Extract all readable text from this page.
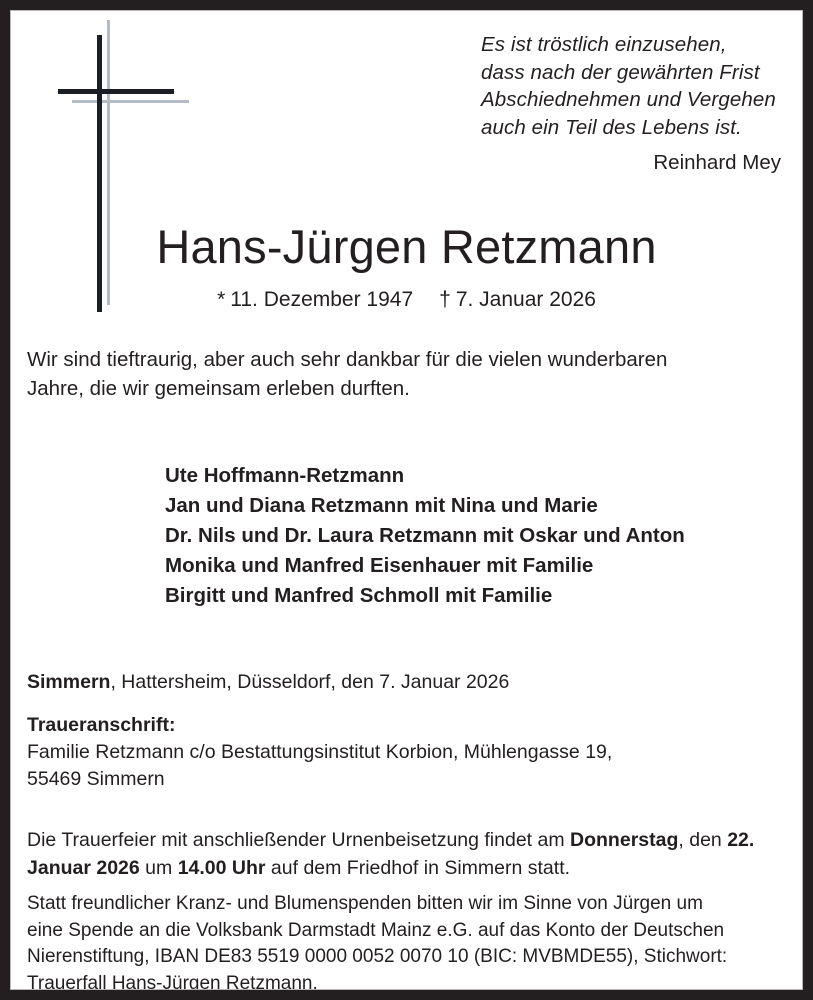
Es ist tröstlich einzusehen,
dass nach der gewährten Frist
Abschiednehmen und Vergehen
auch ein Teil des Lebens ist.
Reinhard Mey
Hans-Jürgen Retzmann
* 11. Dezember 1947 † 7. Januar 2026
Wir sind tieftraurig, aber auch sehr dankbar für die vielen wunderbaren
Jahre, die wir gemeinsam erleben durften.
Ute Hoffmann-Retzmann
Jan und Diana Retzmann mit Nina und Marie
Dr. Nils und Dr. Laura Retzmann mit Oskar und Anton
Monika und Manfred Eisenhauer mit Familie
Birgitt und Manfred Schmoll mit Familie
Simmern, Hattersheim, Düsseldorf, den 7. Januar 2026
Traueranschrift:
Familie Retzmann c/o Bestattungsinstitut Korbion, Mühlengasse 19,
55469 Simmern
Die Trauerfeier mit anschließender Urnenbeisetzung findet am Donnerstag, den 22. Januar 2026 um 14.00 Uhr auf dem Friedhof in Simmern statt.
Statt freundlicher Kranz- und Blumenspenden bitten wir im Sinne von Jürgen um
eine Spende an die Volksbank Darmstadt Mainz e.G. auf das Konto der Deutschen
Nierenstiftung, IBAN DE83 5519 0000 0052 0070 10 (BIC: MVBMDE55), Stichwort:
Trauerfall Hans-Jürgen Retzmann.
